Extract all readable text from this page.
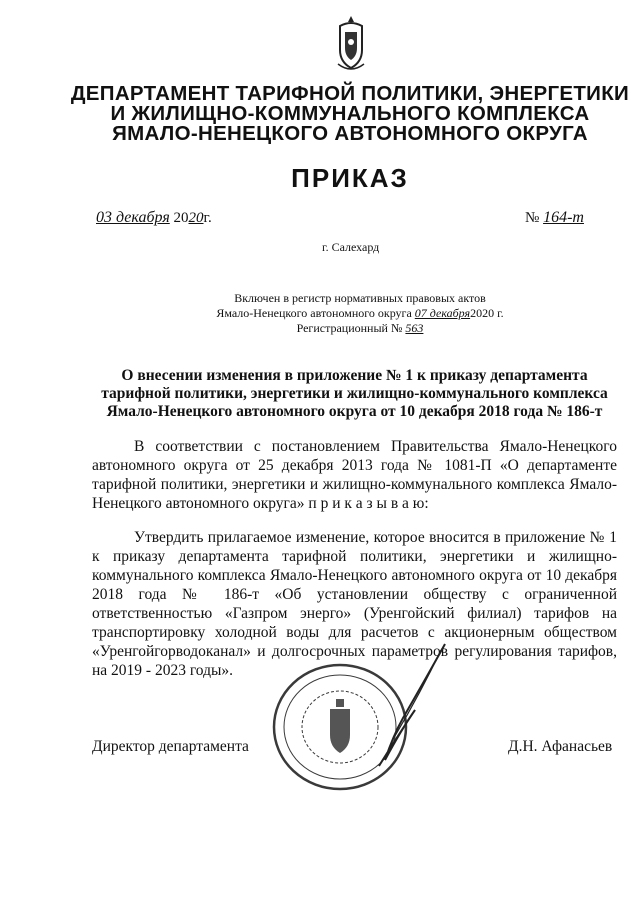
ДЕПАРТАМЕНТ ТАРИФНОЙ ПОЛИТИКИ, ЭНЕРГЕТИКИ
И ЖИЛИЩНО-КОММУНАЛЬНОГО КОМПЛЕКСА
ЯМАЛО-НЕНЕЦКОГО АВТОНОМНОГО ОКРУГА
ПРИКАЗ
03 декабря 2020г.	№ 164-т
г. Салехард
Включен в регистр нормативных правовых актов
Ямало-Ненецкого автономного округа 07 декабря2020 г.
Регистрационный № 563
О внесении изменения в приложение № 1 к приказу департамента
тарифной политики, энергетики и жилищно-коммунального комплекса
Ямало-Ненецкого автономного округа от 10 декабря 2018 года № 186-т

В соответствии с постановлением Правительства Ямало-Ненецкого автономного округа от 25 декабря 2013 года № 1081-П «О департаменте тарифной политики, энергетики и жилищно-коммунального комплекса Ямало-Ненецкого автономного округа» п р и к а з ы в а ю:

Утвердить прилагаемое изменение, которое вносится в приложение № 1 к приказу департамента тарифной политики, энергетики и жилищно-коммунального комплекса Ямало-Ненецкого автономного округа от 10 декабря 2018 года № 186-т «Об установлении обществу с ограниченной ответственностью «Газпром энерго» (Уренгойский филиал) тарифов на транспортировку холодной воды для расчетов с акционерным обществом «Уренгойгорводоканал» и долгосрочных параметров регулирования тарифов, на 2019 - 2023 годы».

Директор департамента	Д.Н. Афанасьев
